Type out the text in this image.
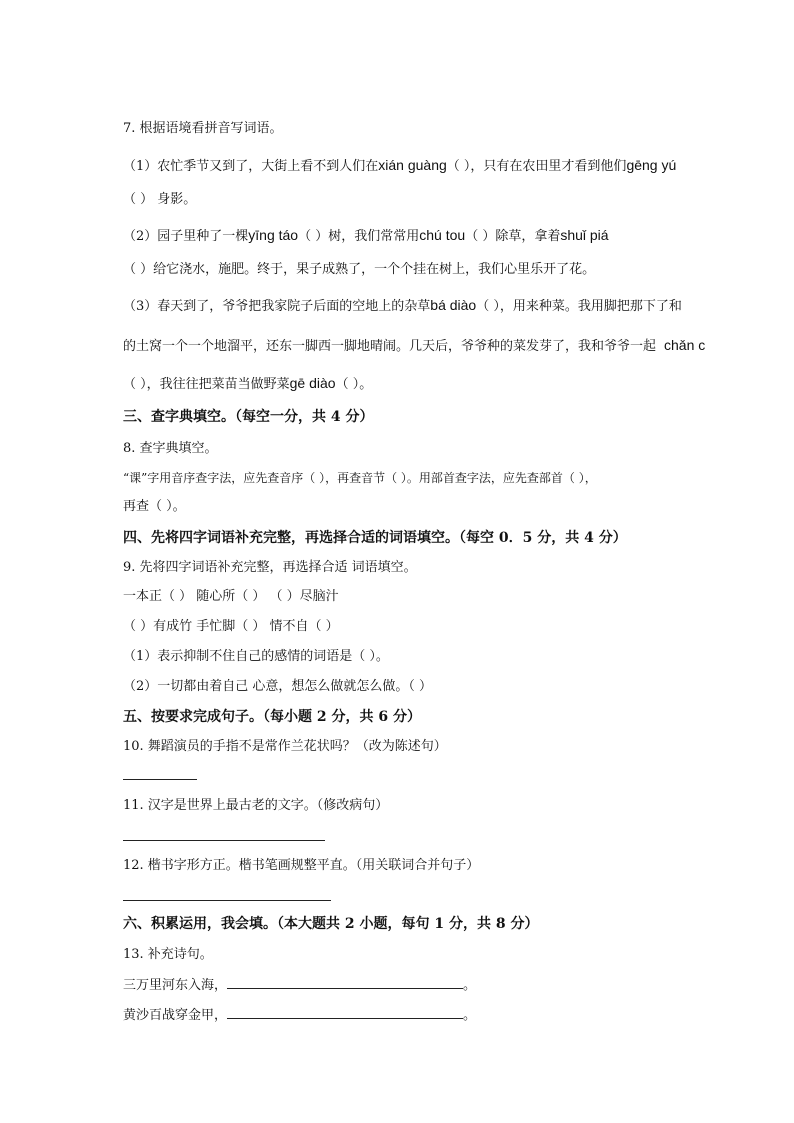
7. 根据语境看拼音写词语。
（1）农忙季节又到了，大街上看不到人们在xián guàng（ ），只有在农田里才看到他们gēng yú
（ ） 身影。
（2）园子里种了一棵yīng táo（ ）树，我们常常用chú tou（ ）除草，拿着shuǐ piá
（ ）给它浇水，施肥。终于，果子成熟了，一个个挂在树上，我们心里乐开了花。
（3）春天到了，爷爷把我家院子后面的空地上的杂草bá diào（ ），用来种菜。我用脚把那下了和
的土窝一个一个地溜平，还东一脚西一脚地晴闹。几天后，爷爷种的菜发芽了，我和爷爷一起 chǎn c
（ ），我往往把菜苗当做野菜gē diào（ ）。
三、查字典填空。（每空一分，共 4 分）
8. 查字典填空。
“课”字用音序查字法，应先查音序（ ），再查音节（ ）。用部首查字法，应先查部首（ ），
再查（ ）。
四、先将四字词语补充完整，再选择合适的词语填空。（每空 0．5 分，共 4 分）
9. 先将四字词语补充完整，再选择合适 词语填空。
一本正（ ） 随心所（ ） （ ）尽脑汁
（ ）有成竹 手忙脚（ ） 情不自（ ）
（1）表示抑制不住自己的感情的词语是（ ）。
（2）一切都由着自己 心意，想怎么做就怎么做。（ ）
五、按要求完成句子。（每小题 2 分，共 6 分）
10. 舞蹈演员的手指不是常作兰花状吗？（改为陈述句）
11. 汉字是世界上最古老的文字。（修改病句）
12. 楷书字形方正。楷书笔画规整平直。（用关联词合并句子）
六、积累运用，我会填。（本大题共 2 小题，每句 1 分，共 8 分）
13. 补充诗句。
三万里河东入海，	。
黄沙百战穿金甲，	。
